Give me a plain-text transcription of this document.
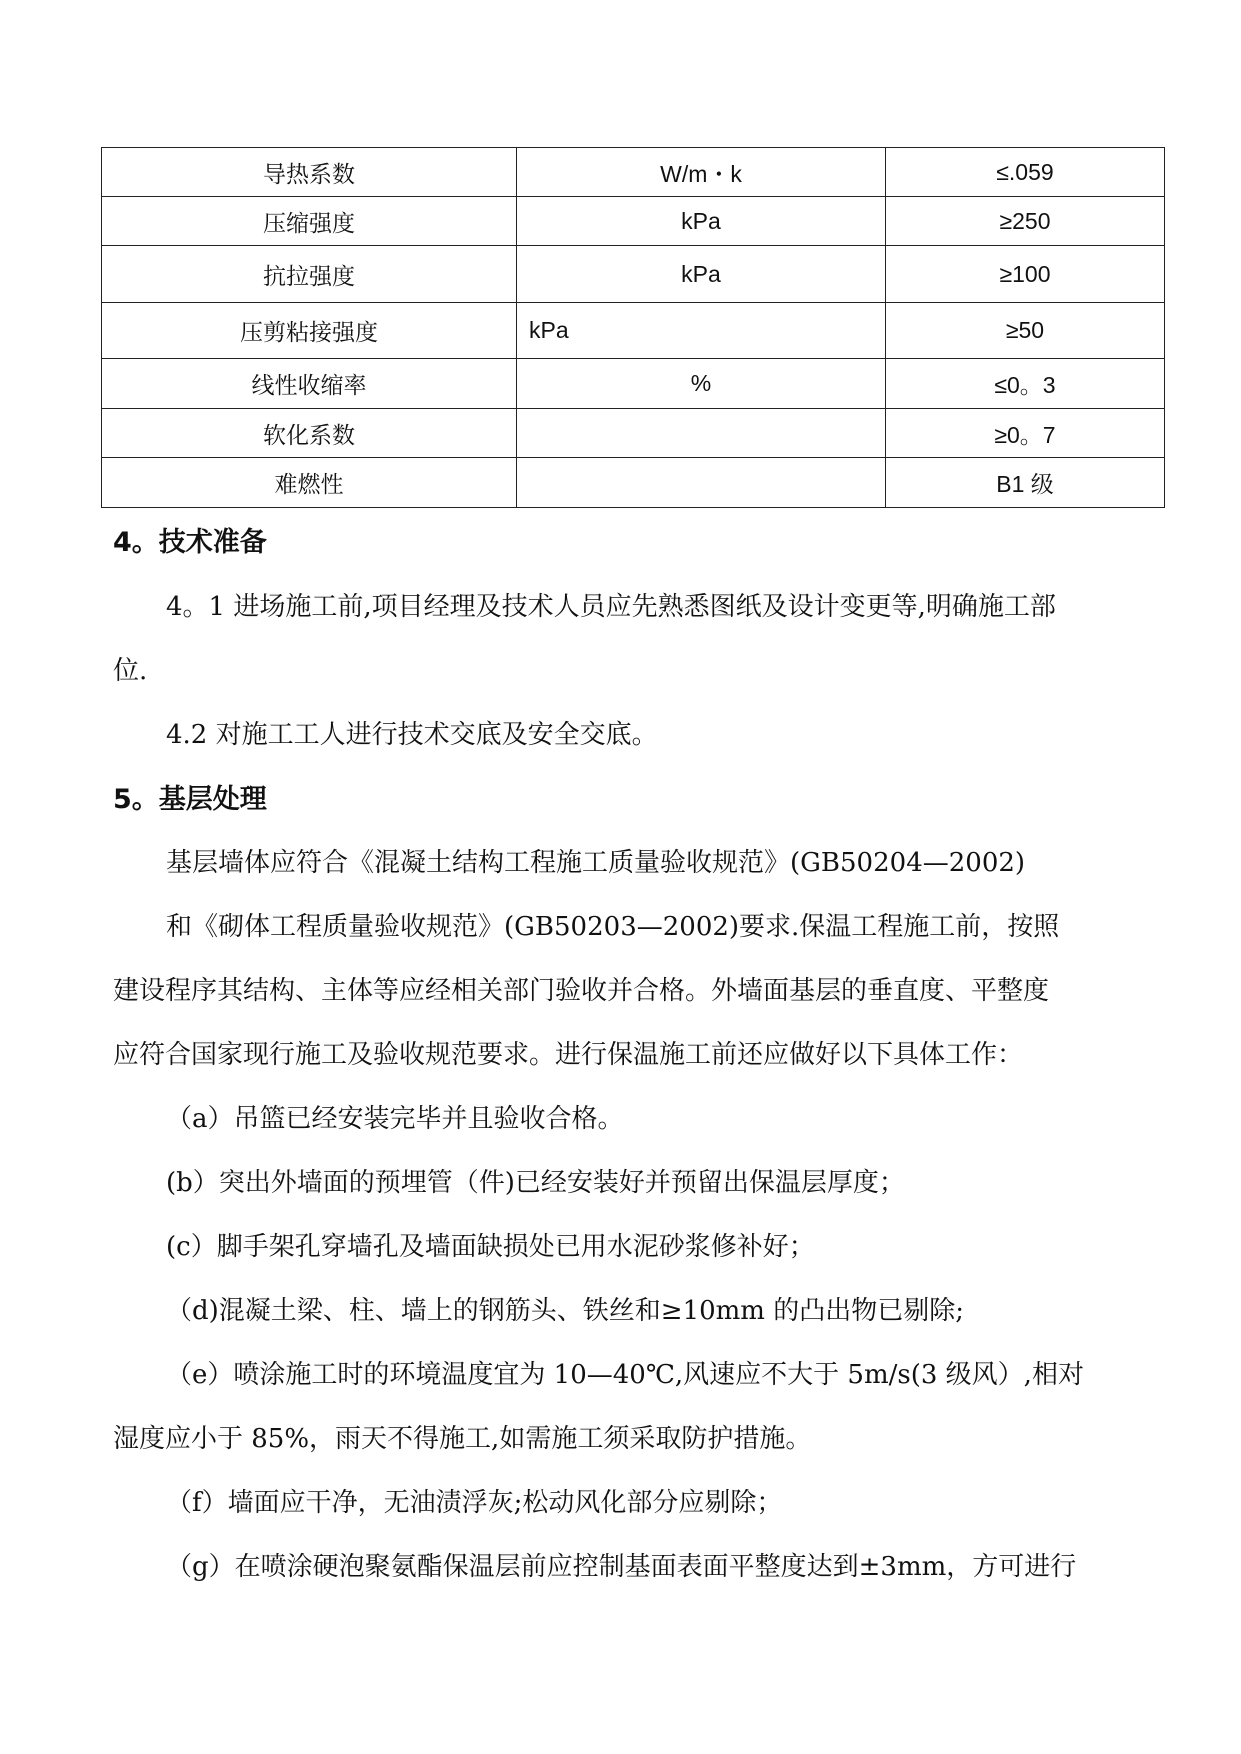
导热系数	W/m・k	≤.059
压缩强度	kPa	≥250
抗拉强度	kPa	≥100
压剪粘接强度	kPa	≥50
线性收缩率	%	≤0。3
软化系数		≥0。7
难燃性		B1 级
4。技术准备
4。1 进场施工前,项目经理及技术人员应先熟悉图纸及设计变更等,明确施工部
位.
4.2 对施工工人进行技术交底及安全交底。
5。基层处理
基层墙体应符合《混凝土结构工程施工质量验收规范》(GB50204—2002)
和《砌体工程质量验收规范》(GB50203—2002)要求.保温工程施工前，按照
建设程序其结构、主体等应经相关部门验收并合格。外墙面基层的垂直度、平整度
应符合国家现行施工及验收规范要求。进行保温施工前还应做好以下具体工作：
（a）吊篮已经安装完毕并且验收合格。
(b）突出外墙面的预埋管（件)已经安装好并预留出保温层厚度；
(c）脚手架孔穿墙孔及墙面缺损处已用水泥砂浆修补好；
（d)混凝土梁、柱、墙上的钢筋头、铁丝和≥10mm 的凸出物已剔除;
（e）喷涂施工时的环境温度宜为 10—40℃,风速应不大于 5m/s(3 级风）,相对
湿度应小于 85%，雨天不得施工,如需施工须采取防护措施。
（f）墙面应干净，无油渍浮灰;松动风化部分应剔除；
（g）在喷涂硬泡聚氨酯保温层前应控制基面表面平整度达到±3mm，方可进行
